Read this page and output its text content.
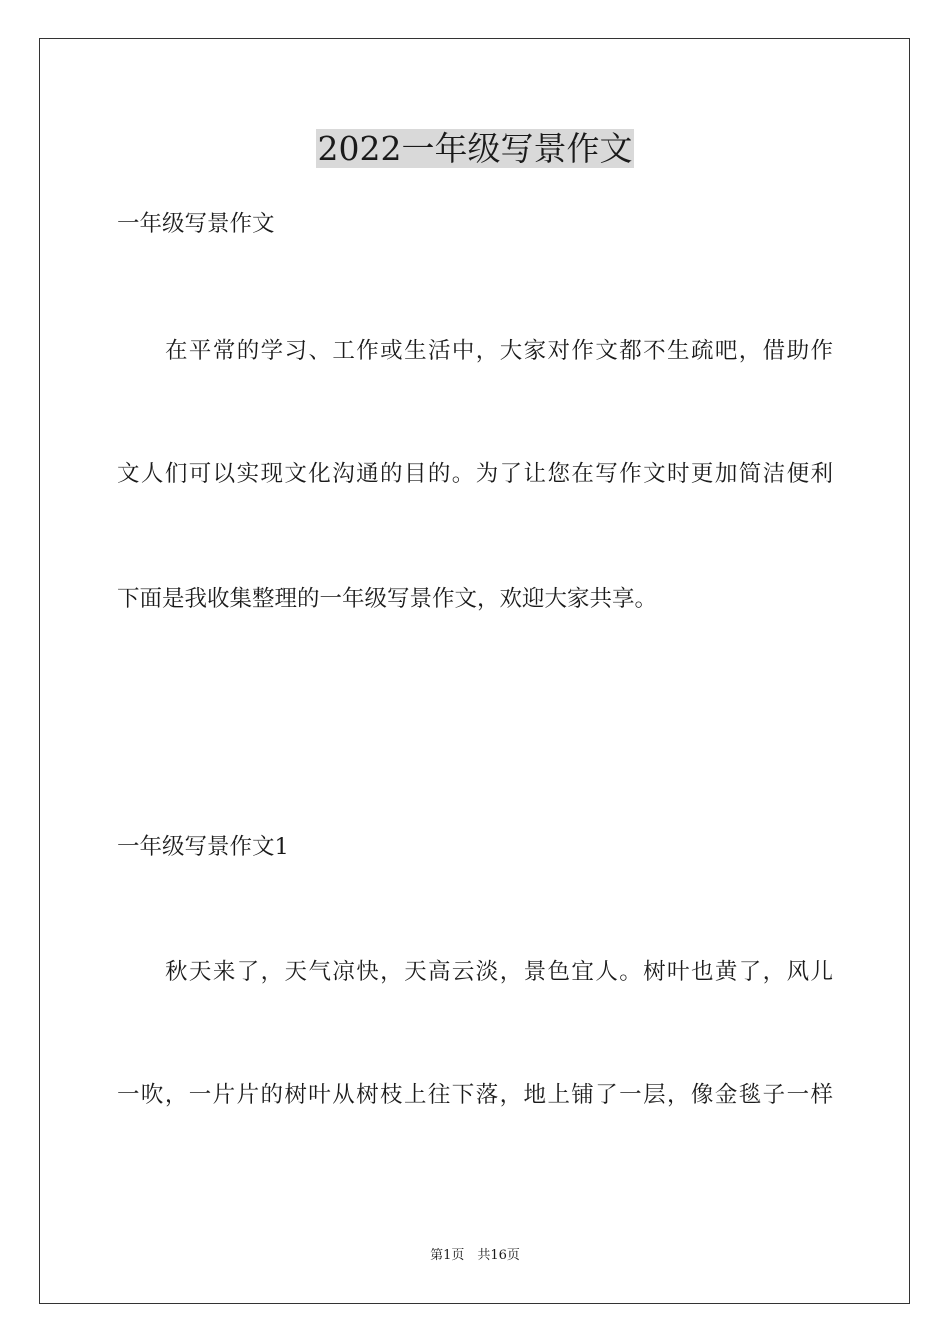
2022一年级写景作文
一年级写景作文
在平常的学习、工作或生活中，大家对作文都不生疏吧，借助作
文人们可以实现文化沟通的目的。为了让您在写作文时更加简洁便利
下面是我收集整理的一年级写景作文，欢迎大家共享。
一年级写景作文1
秋天来了，天气凉快，天高云淡，景色宜人。树叶也黄了，风儿
一吹，一片片的树叶从树枝上往下落，地上铺了一层，像金毯子一样
第1页　共16页
